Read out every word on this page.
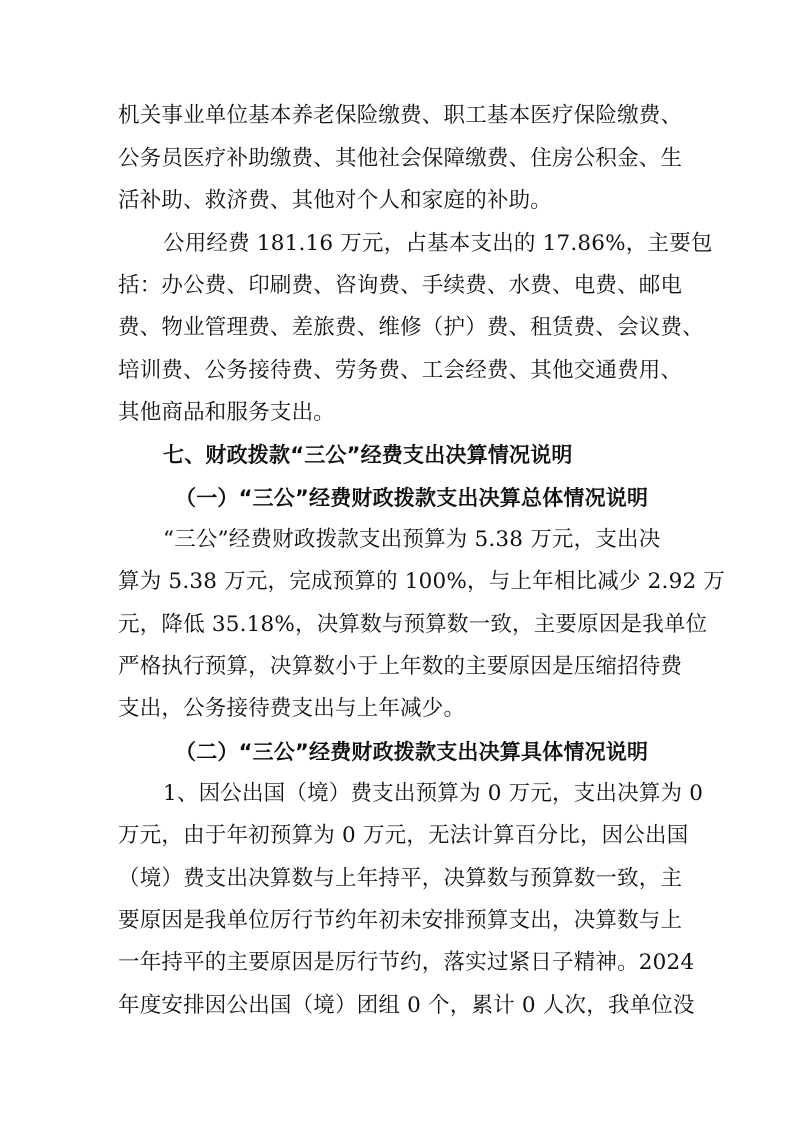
机关事业单位基本养老保险缴费、职工基本医疗保险缴费、
公务员医疗补助缴费、其他社会保障缴费、住房公积金、生
活补助、救济费、其他对个人和家庭的补助。
公用经费 181.16 万元，占基本支出的 17.86%，主要包
括：办公费、印刷费、咨询费、手续费、水费、电费、邮电
费、物业管理费、差旅费、维修（护）费、租赁费、会议费、
培训费、公务接待费、劳务费、工会经费、其他交通费用、
其他商品和服务支出。
七、财政拨款“三公”经费支出决算情况说明
（一）“三公”经费财政拨款支出决算总体情况说明
“三公”经费财政拨款支出预算为 5.38 万元，支出决
算为 5.38 万元，完成预算的 100%，与上年相比减少 2.92 万
元，降低 35.18%，决算数与预算数一致，主要原因是我单位
严格执行预算，决算数小于上年数的主要原因是压缩招待费
支出，公务接待费支出与上年减少。
（二）“三公”经费财政拨款支出决算具体情况说明
1、因公出国（境）费支出预算为 0 万元，支出决算为 0
万元，由于年初预算为 0 万元，无法计算百分比，因公出国
（境）费支出决算数与上年持平，决算数与预算数一致，主
要原因是我单位厉行节约年初未安排预算支出，决算数与上
一年持平的主要原因是厉行节约，落实过紧日子精神。2024
年度安排因公出国（境）团组 0 个，累计 0 人次，我单位没
